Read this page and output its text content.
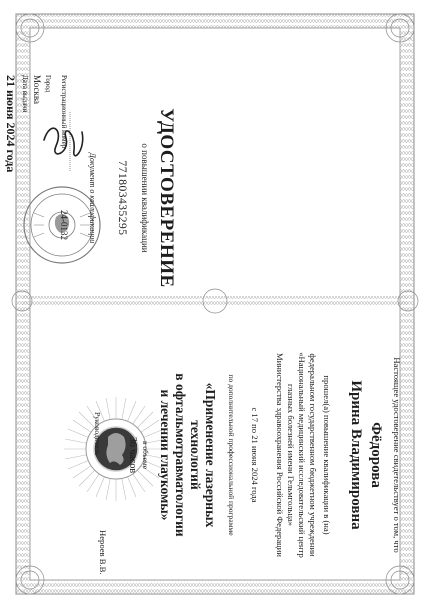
УДОСТОВЕРЕНИЕ
о повышении квалификации
771803435295
Документ о квалификации
Регистрационный номер
24-0132
Город
Москва
Дата выдачи
21 июня 2024 года
Настоящее удостоверение свидетельствует о том, что
Фёдорова
Ирина Владимировна
прошел(а) повышение квалификации в (на)
федеральном государственном бюджетном учреждении
«Национальный медицинский исследовательский центр
глазных болезней имени Гельмгольца»
Министерства здравоохранения Российской Федерации
с 17 по 21 июня 2024 года
по дополнительной профессиональной программе
«Применение лазерных
технологий
в офтальмотравматологии
и лечении глаукомы»
в объеме
36 часов
Руководитель
Нероев В.В.
